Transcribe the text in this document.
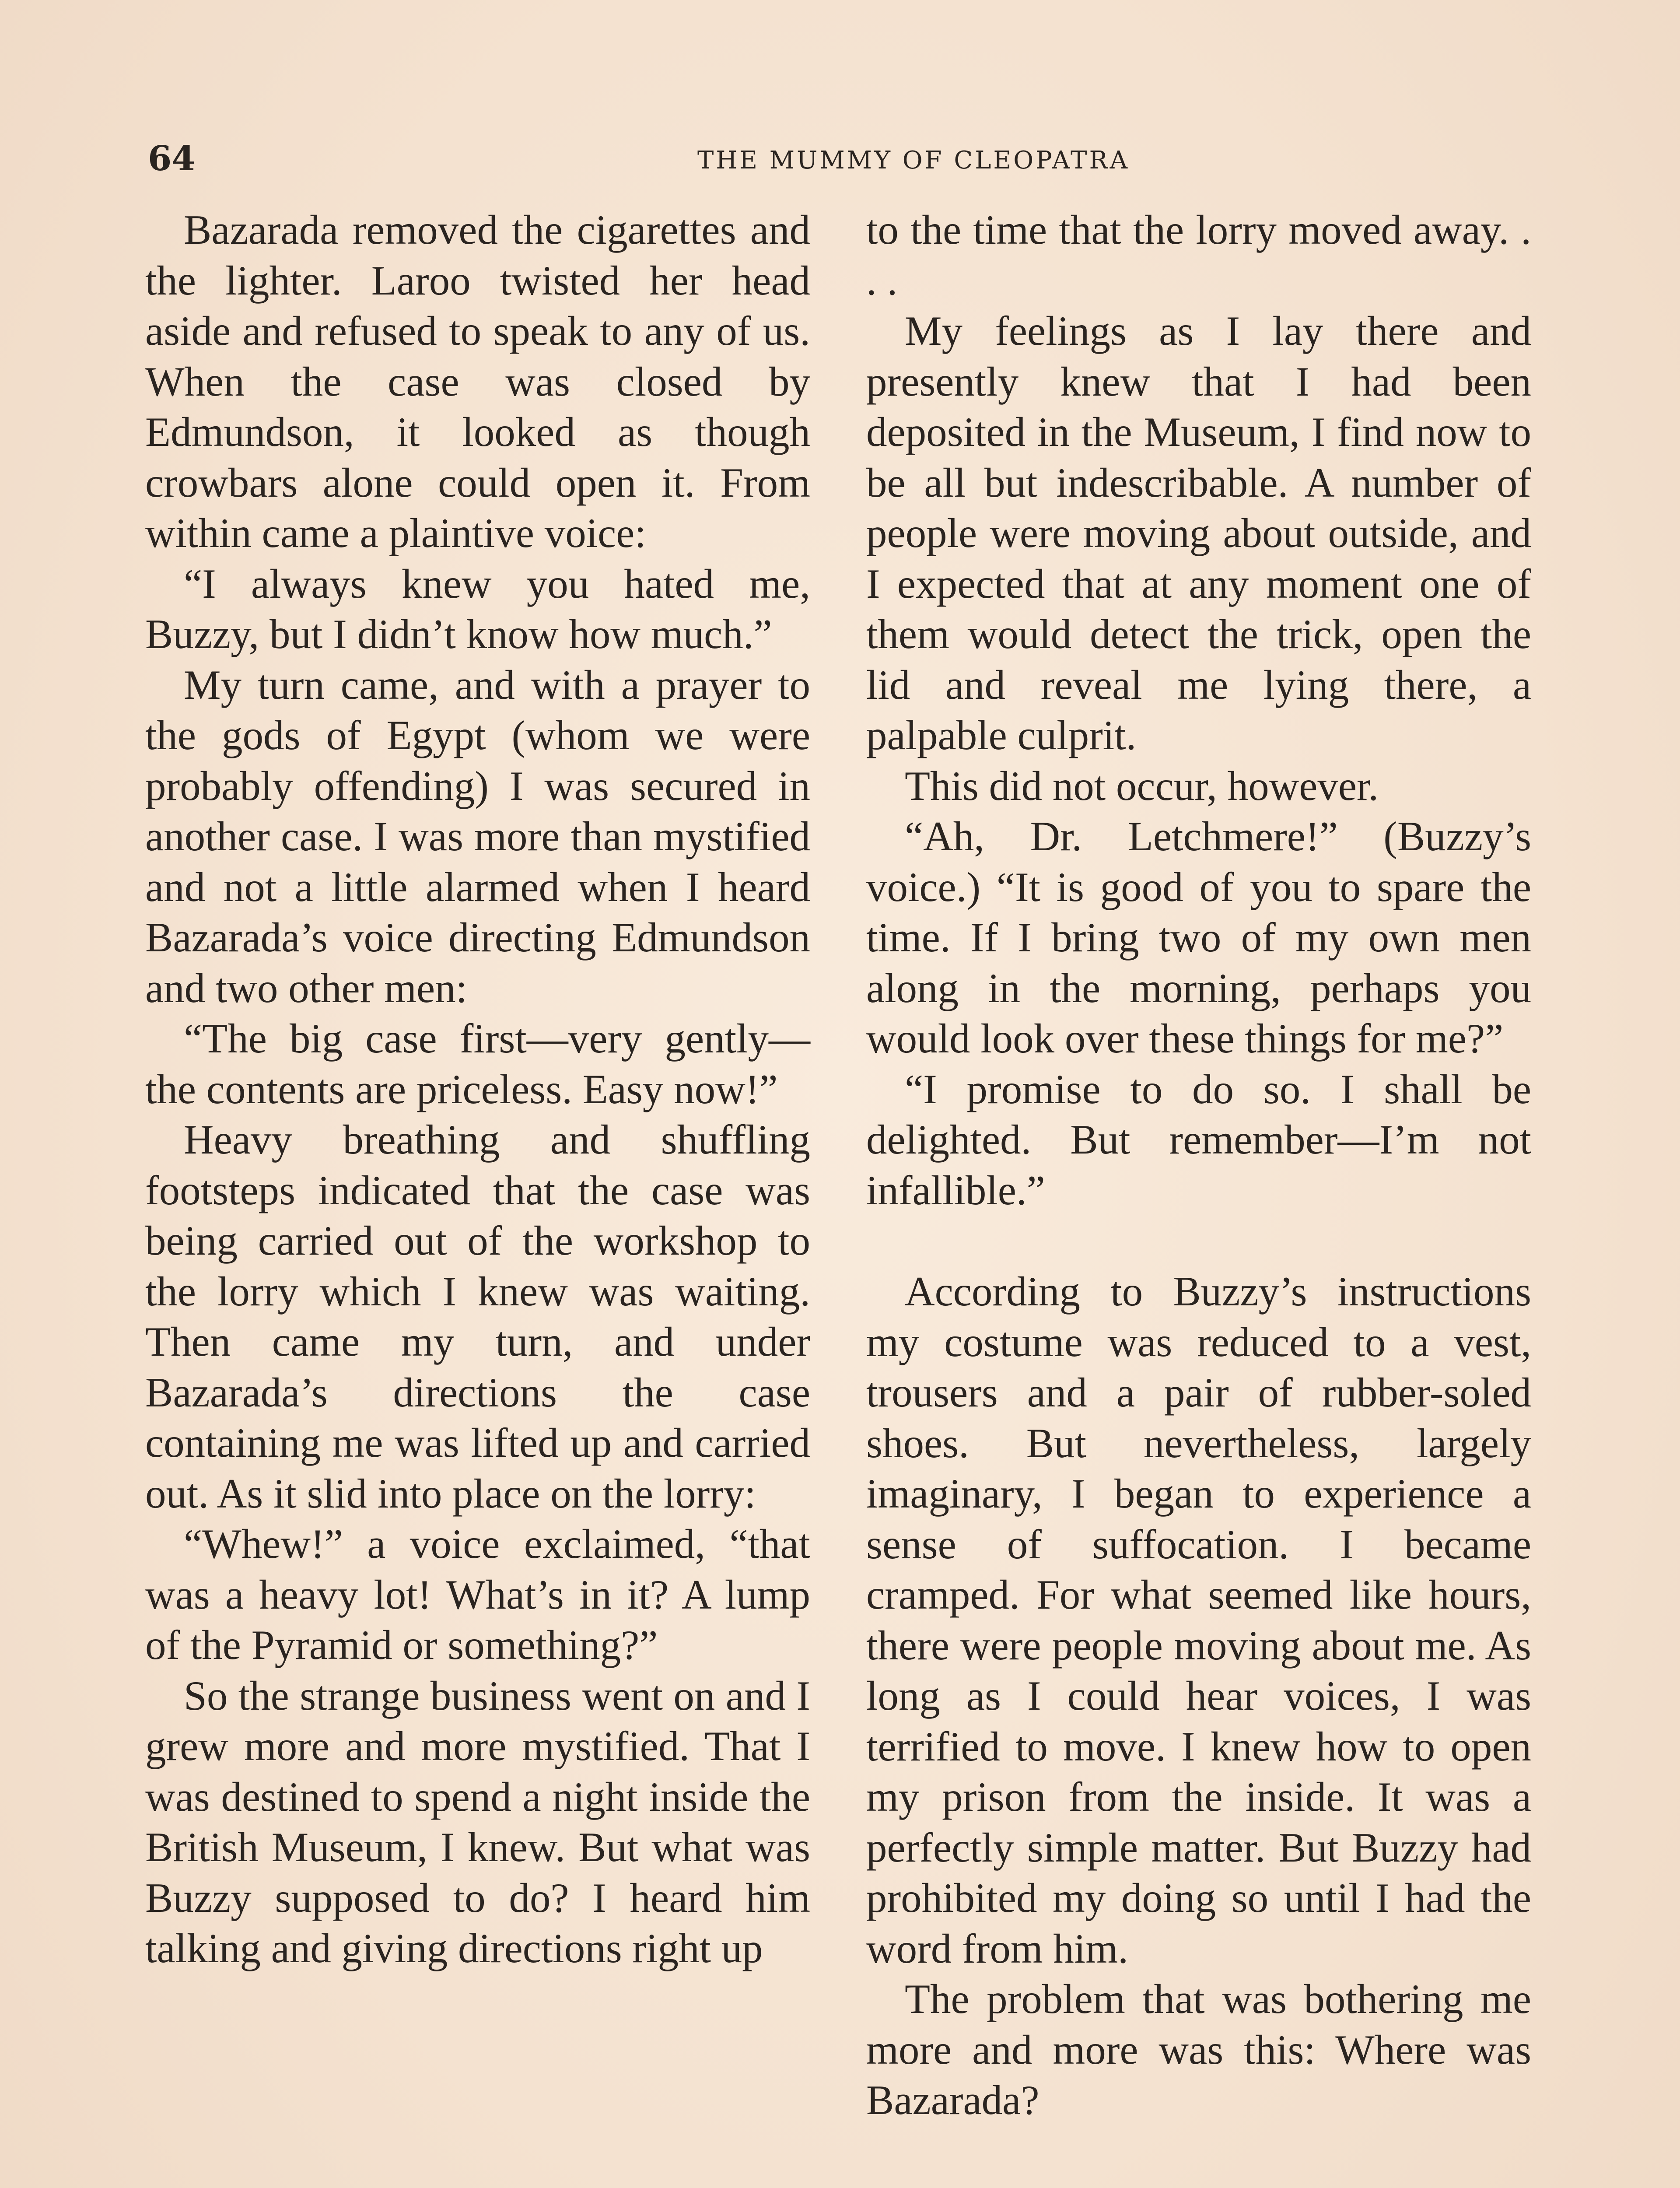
64	THE MUMMY OF CLEOPATRA

Bazarada removed the cigarettes and the lighter. Laroo twisted her head aside and refused to speak to any of us. When the case was closed by Edmundson, it looked as though crowbars alone could open it. From within came a plaintive voice:

“I always knew you hated me, Buzzy, but I didn’t know how much.”

My turn came, and with a prayer to the gods of Egypt (whom we were probably offending) I was secured in another case. I was more than mystified and not a little alarmed when I heard Bazarada’s voice directing Edmundson and two other men:

“The big case first—very gently—the contents are priceless. Easy now!”

Heavy breathing and shuffling footsteps indicated that the case was being carried out of the workshop to the lorry which I knew was waiting. Then came my turn, and under Bazarada’s directions the case containing me was lifted up and carried out. As it slid into place on the lorry:

“Whew!” a voice exclaimed, “that was a heavy lot! What’s in it? A lump of the Pyramid or something?”

So the strange business went on and I grew more and more mystified. That I was destined to spend a night inside the British Museum, I knew. But what was Buzzy supposed to do? I heard him talking and giving directions right up

to the time that the lorry moved away. . . .

My feelings as I lay there and presently knew that I had been deposited in the Museum, I find now to be all but indescribable. A number of people were moving about outside, and I expected that at any moment one of them would detect the trick, open the lid and reveal me lying there, a palpable culprit.

This did not occur, however.

“Ah, Dr. Letchmere!” (Buzzy’s voice.) “It is good of you to spare the time. If I bring two of my own men along in the morning, perhaps you would look over these things for me?”

“I promise to do so. I shall be delighted. But remember—I’m not infallible.”

According to Buzzy’s instructions my costume was reduced to a vest, trousers and a pair of rubber-soled shoes. But nevertheless, largely imaginary, I began to experience a sense of suffocation. I became cramped. For what seemed like hours, there were people moving about me. As long as I could hear voices, I was terrified to move. I knew how to open my prison from the inside. It was a perfectly simple matter. But Buzzy had prohibited my doing so until I had the word from him.

The problem that was bothering me more and more was this: Where was Bazarada?
